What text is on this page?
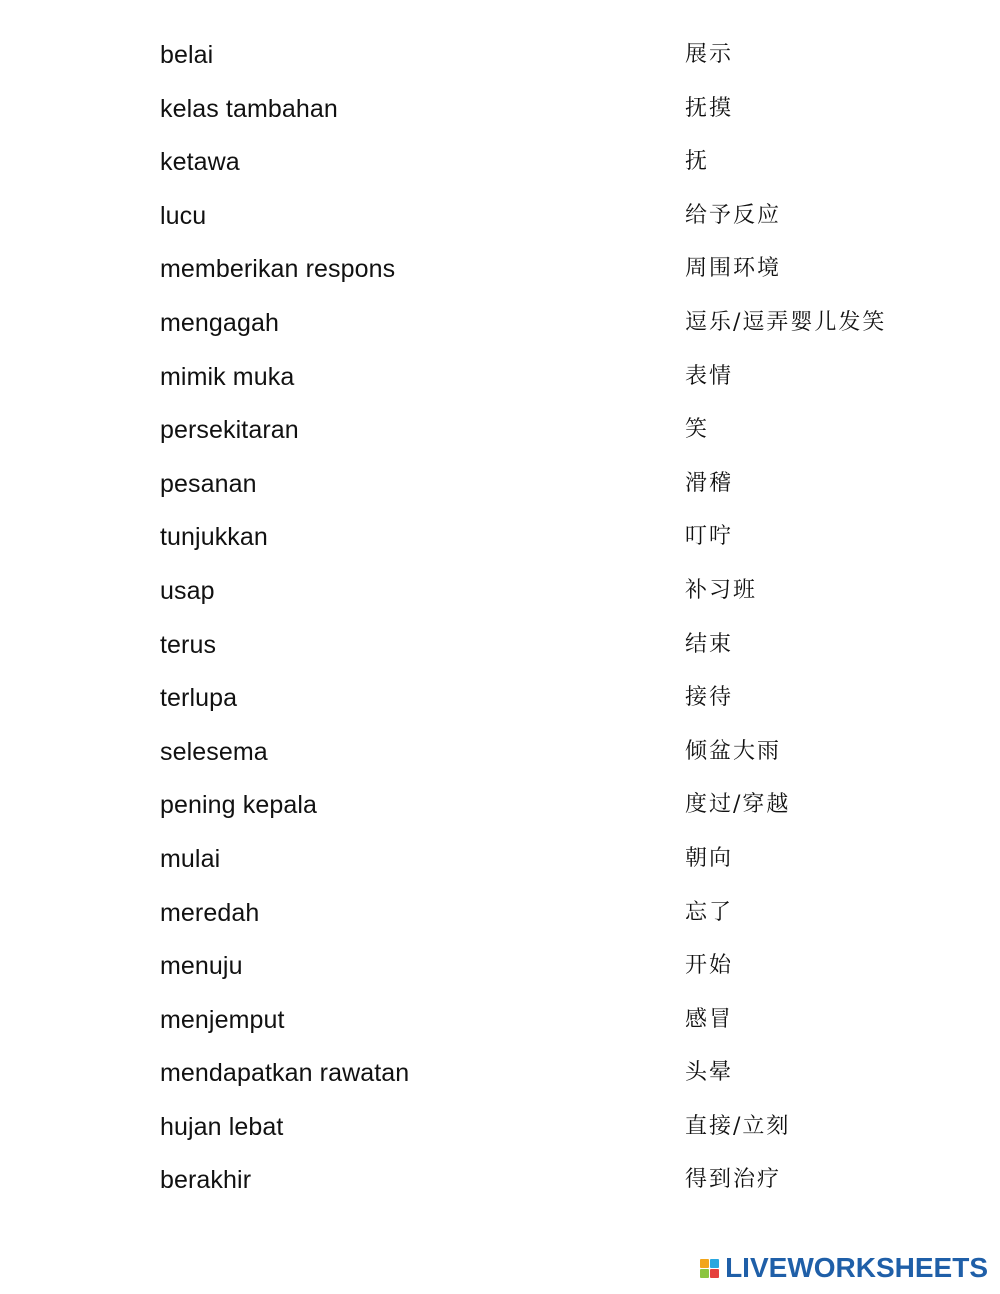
belai	展示
kelas tambahan	抚摸
ketawa	抚
lucu	给予反应
memberikan respons	周围环境
mengagah	逗乐/逗弄婴儿发笑
mimik muka	表情
persekitaran	笑
pesanan	滑稽
tunjukkan	叮咛
usap	补习班
terus	结束
terlupa	接待
selesema	倾盆大雨
pening kepala	度过/穿越
mulai	朝向
meredah	忘了
menuju	开始
menjemput	感冒
mendapatkan rawatan	头晕
hujan lebat	直接/立刻
berakhir	得到治疗
LIVEWORKSHEETS
